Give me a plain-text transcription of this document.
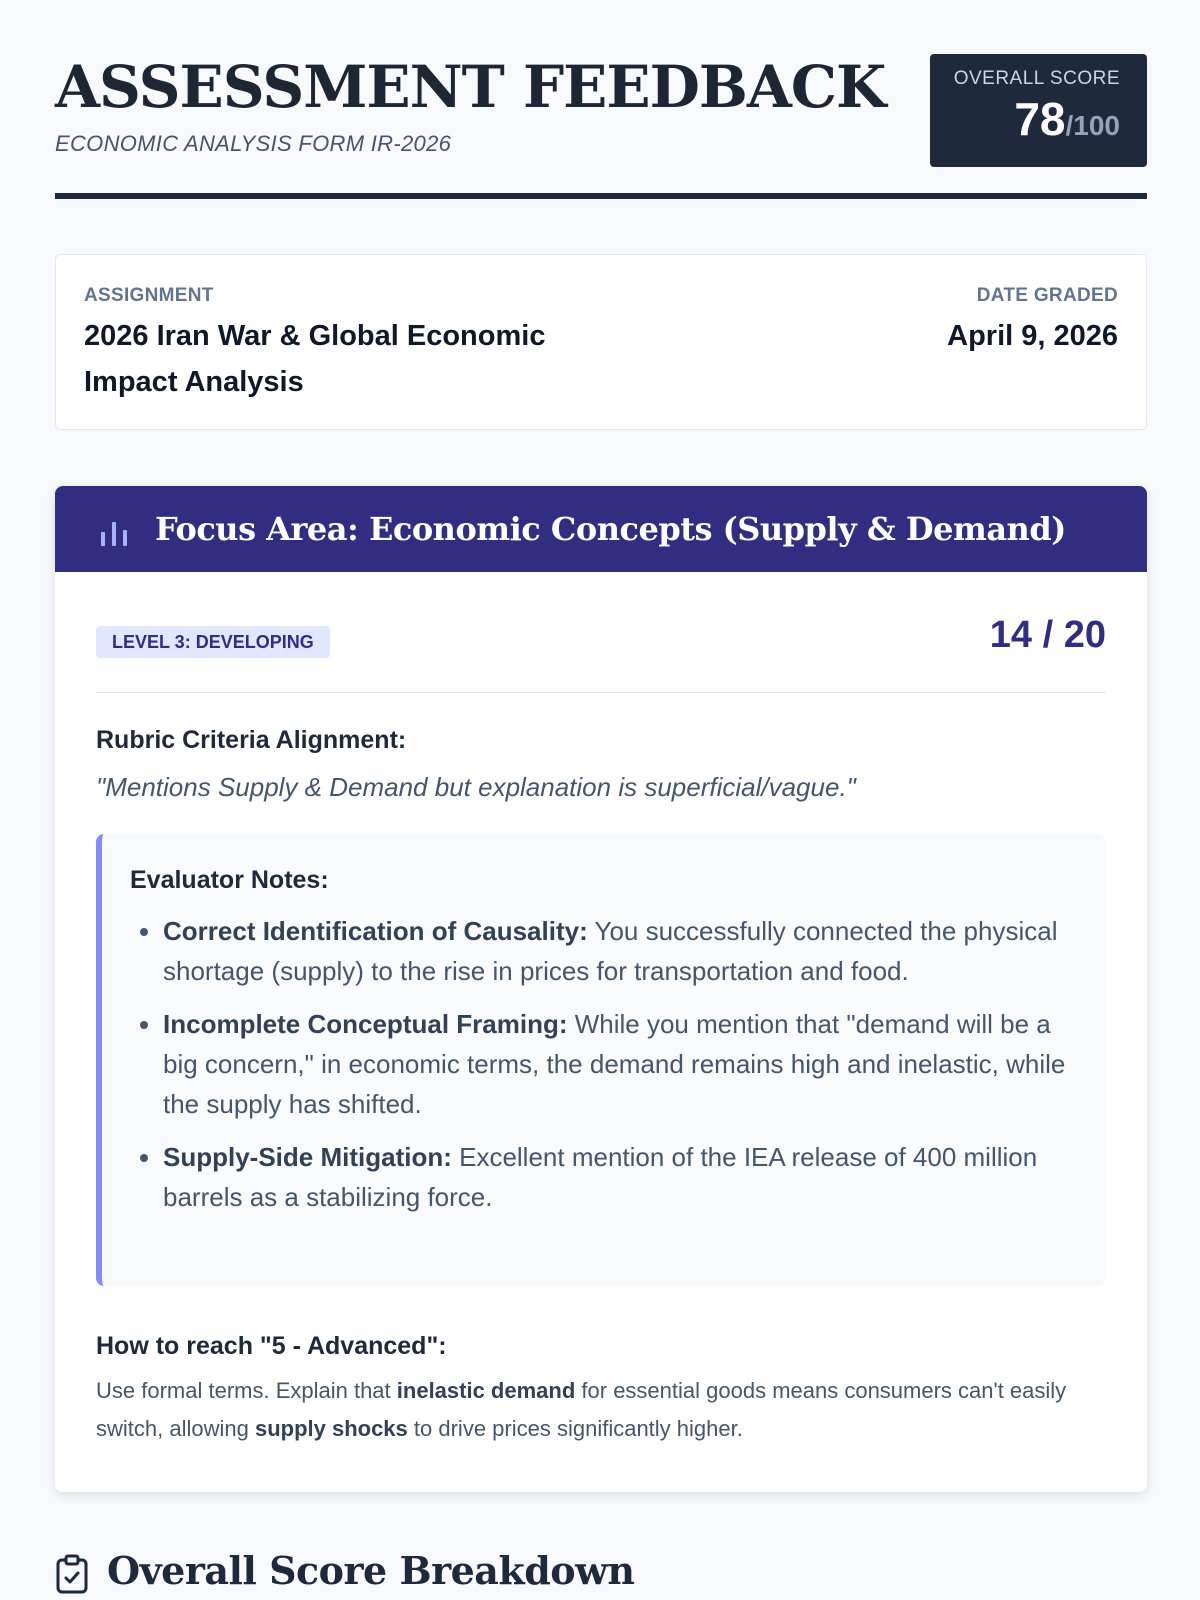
ASSESSMENT FEEDBACK
ECONOMIC ANALYSIS FORM IR-2026
OVERALL SCORE
78/100
ASSIGNMENT
2026 Iran War & Global Economic Impact Analysis
DATE GRADED
April 9, 2026
Focus Area: Economic Concepts (Supply & Demand)
LEVEL 3: DEVELOPING	14 / 20
Rubric Criteria Alignment:
"Mentions Supply & Demand but explanation is superficial/vague."
Evaluator Notes:
• Correct Identification of Causality: You successfully connected the physical shortage (supply) to the rise in prices for transportation and food.
• Incomplete Conceptual Framing: While you mention that "demand will be a big concern," in economic terms, the demand remains high and inelastic, while the supply has shifted.
• Supply-Side Mitigation: Excellent mention of the IEA release of 400 million barrels as a stabilizing force.
How to reach "5 - Advanced":
Use formal terms. Explain that inelastic demand for essential goods means consumers can't easily switch, allowing supply shocks to drive prices significantly higher.
Overall Score Breakdown
